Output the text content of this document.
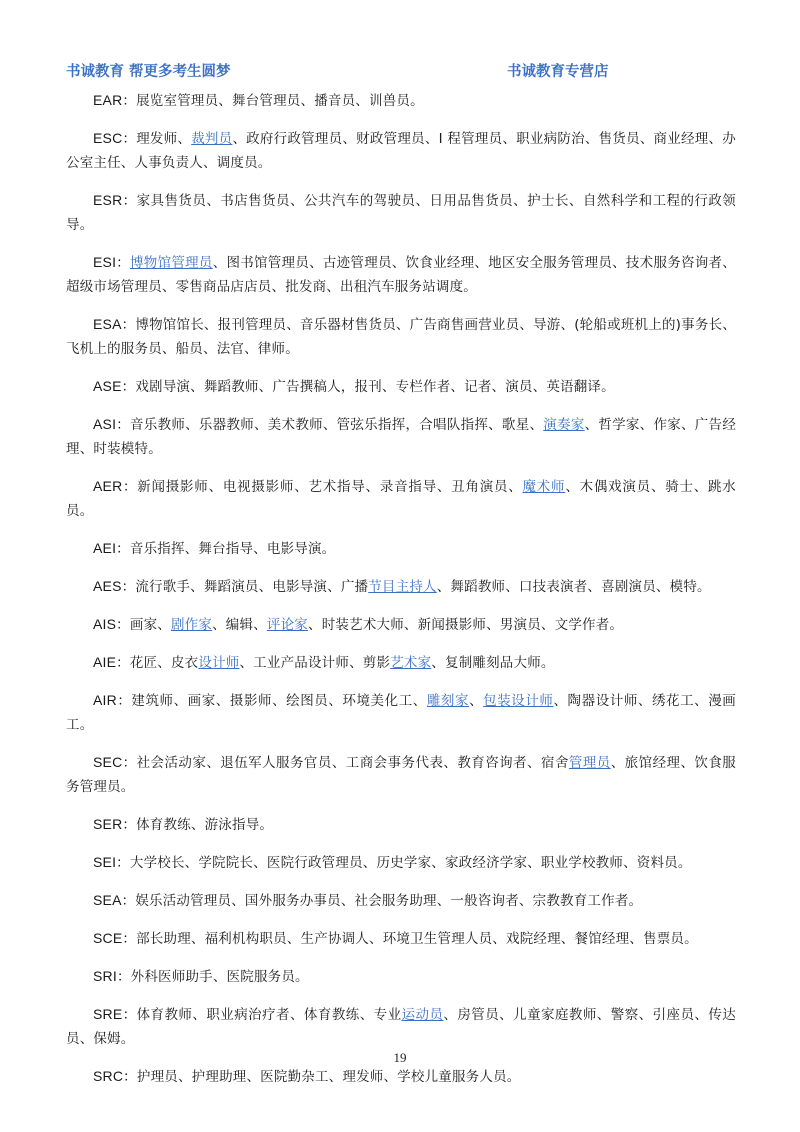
书诚教育 帮更多考生圆梦	书诚教育专营店

EAR：展览室管理员、舞台管理员、播音员、训兽员。

ESC：理发师、裁判员、政府行政管理员、财政管理员、I 程管理员、职业病防治、售货员、商业经理、办公室主任、人事负责人、调度员。

ESR：家具售货员、书店售货员、公共汽车的驾驶员、日用品售货员、护士长、自然科学和工程的行政领导。

ESI：博物馆管理员、图书馆管理员、古迹管理员、饮食业经理、地区安全服务管理员、技术服务咨询者、超级市场管理员、零售商品店店员、批发商、出租汽车服务站调度。

ESA：博物馆馆长、报刊管理员、音乐器材售货员、广告商售画营业员、导游、(轮船或班机上的)事务长、飞机上的服务员、船员、法官、律师。

ASE：戏剧导演、舞蹈教师、广告撰稿人，报刊、专栏作者、记者、演员、英语翻译。

ASI：音乐教师、乐器教师、美术教师、管弦乐指挥，合唱队指挥、歌星、演奏家、哲学家、作家、广告经理、时装模特。

AER：新闻摄影师、电视摄影师、艺术指导、录音指导、丑角演员、魔术师、木偶戏演员、骑士、跳水员。

AEI：音乐指挥、舞台指导、电影导演。

AES：流行歌手、舞蹈演员、电影导演、广播节目主持人、舞蹈教师、口技表演者、喜剧演员、模特。

AIS：画家、剧作家、编辑、评论家、时装艺术大师、新闻摄影师、男演员、文学作者。

AIE：花匠、皮衣设计师、工业产品设计师、剪影艺术家、复制雕刻品大师。

AIR：建筑师、画家、摄影师、绘图员、环境美化工、雕刻家、包装设计师、陶器设计师、绣花工、漫画工。

SEC：社会活动家、退伍军人服务官员、工商会事务代表、教育咨询者、宿舍管理员、旅馆经理、饮食服务管理员。

SER：体育教练、游泳指导。

SEI：大学校长、学院院长、医院行政管理员、历史学家、家政经济学家、职业学校教师、资料员。

SEA：娱乐活动管理员、国外服务办事员、社会服务助理、一般咨询者、宗教教育工作者。

SCE：部长助理、福利机构职员、生产协调人、环境卫生管理人员、戏院经理、餐馆经理、售票员。

SRI：外科医师助手、医院服务员。

SRE：体育教师、职业病治疗者、体育教练、专业运动员、房管员、儿童家庭教师、警察、引座员、传达员、保姆。

SRC：护理员、护理助理、医院勤杂工、理发师、学校儿童服务人员。

19
